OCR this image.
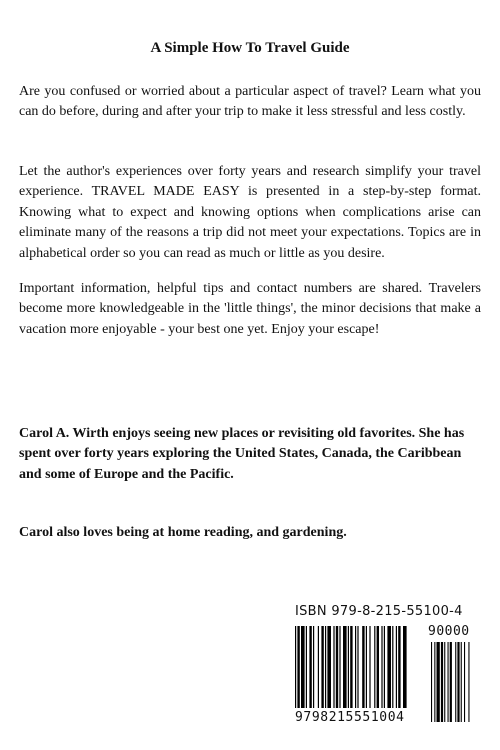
A Simple How To Travel Guide

Are you confused or worried about a particular aspect of travel? Learn what you can do before, during and after your trip to make it less stressful and less costly.

Let the author's experiences over forty years and research simplify your travel experience. TRAVEL MADE EASY is presented in a step-by-step format. Knowing what to expect and knowing options when complications arise can eliminate many of the reasons a trip did not meet your expectations. Topics are in alphabetical order so you can read as much or little as you desire.

Important information, helpful tips and contact numbers are shared. Travelers become more knowledgeable in the 'little things', the minor decisions that make a vacation more enjoyable - your best one yet. Enjoy your escape!

Carol A. Wirth enjoys seeing new places or revisiting old favorites. She has spent over forty years exploring the United States, Canada, the Caribbean and some of Europe and the Pacific.

Carol also loves being at home reading, and gardening.

ISBN 979-8-215-55100-4
90000
9798215551004
